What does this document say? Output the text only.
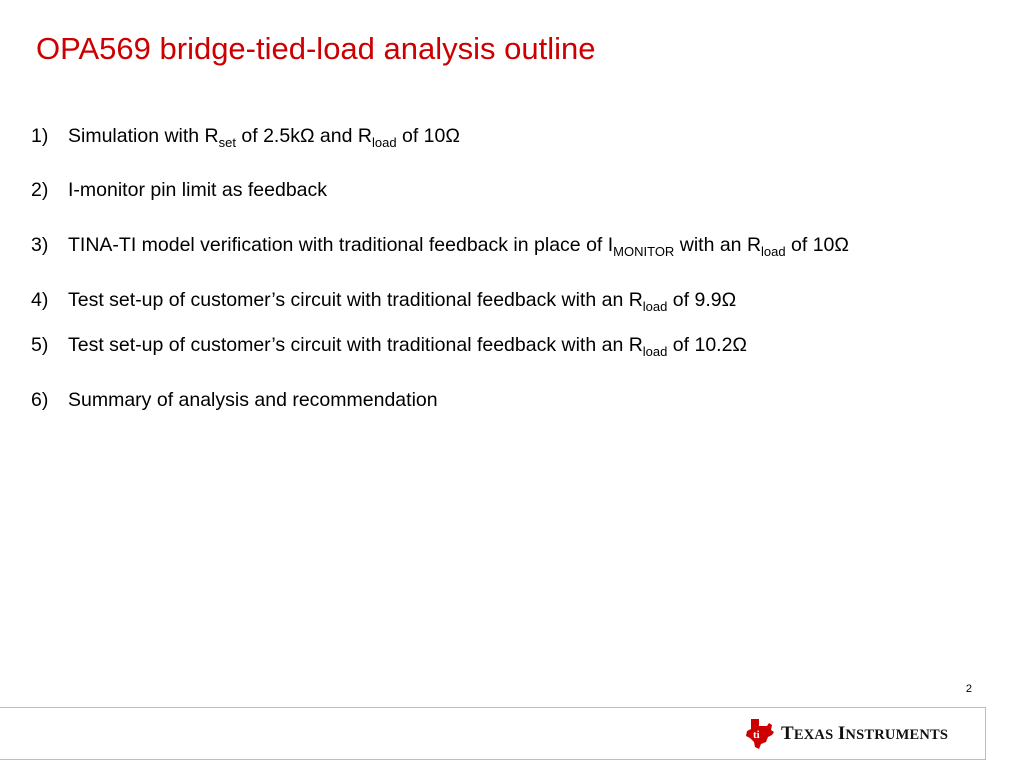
OPA569 bridge-tied-load analysis outline
1) Simulation with $R_{set}$ of 2.5kΩ and $R_{load}$ of 10Ω
2) I-monitor pin limit as feedback
3) TINA-TI model verification with traditional feedback in place of $I_{MONITOR}$ with an $R_{load}$ of 10Ω
4) Test set-up of customer’s circuit with traditional feedback with an $R_{load}$ of 9.9Ω
5) Test set-up of customer’s circuit with traditional feedback with an $R_{load}$ of 10.2Ω
6) Summary of analysis and recommendation
2
ti TEXAS INSTRUMENTS
